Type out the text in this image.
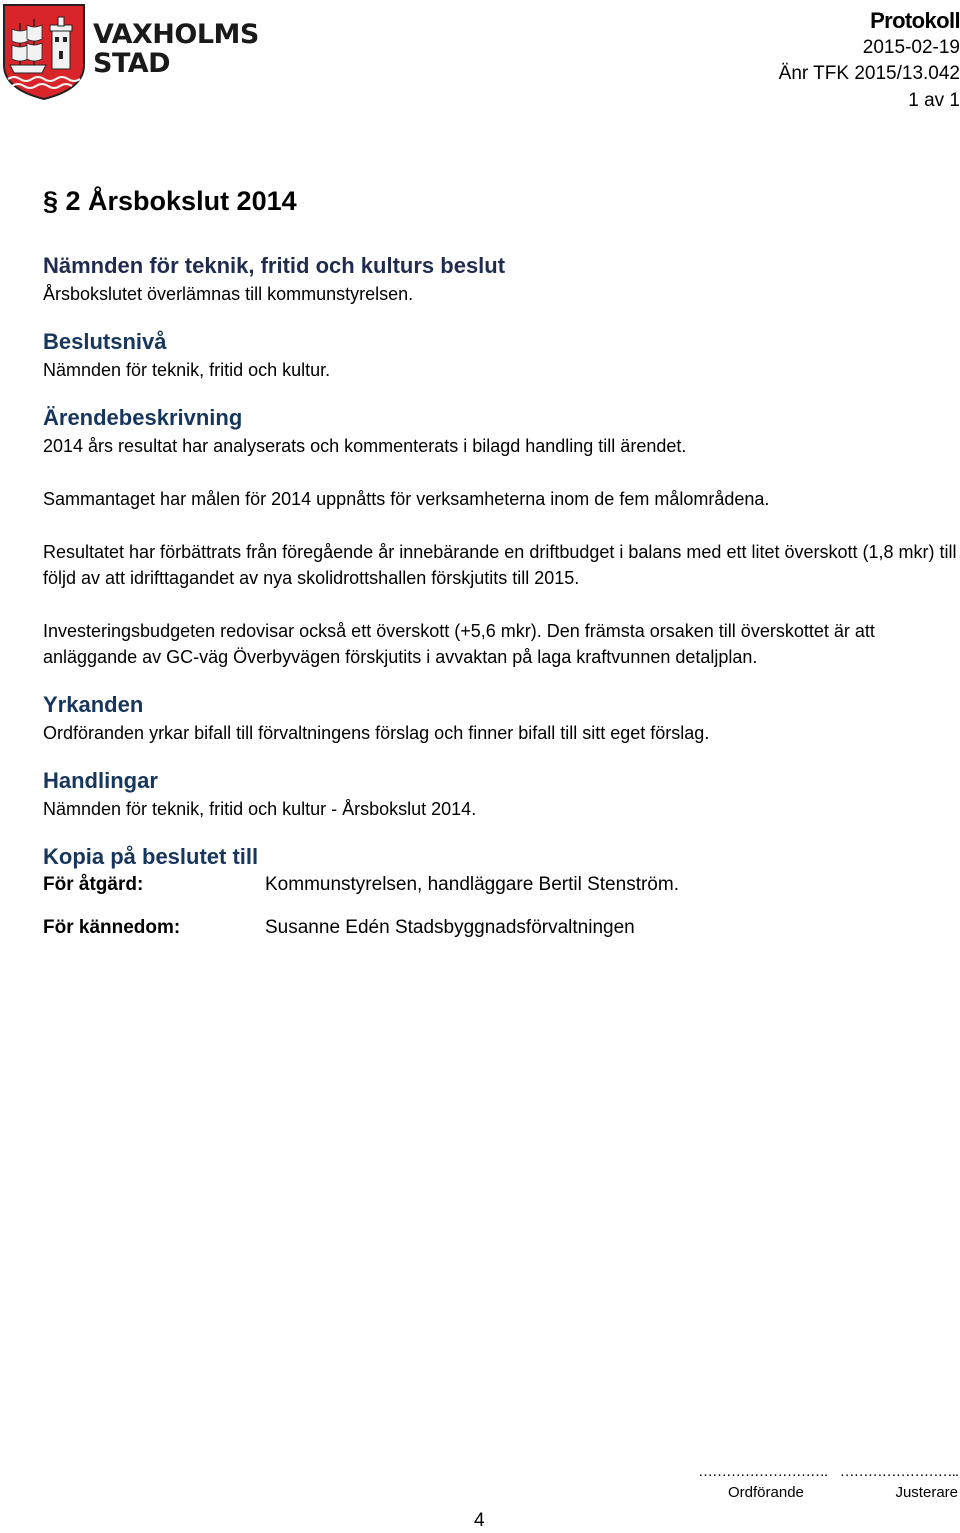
VAXHOLMS
STAD
Protokoll
2015-02-19
Änr TFK 2015/13.042
1 av 1
§ 2 Årsbokslut 2014
Nämnden för teknik, fritid och kulturs beslut

Årsbokslutet överlämnas till kommunstyrelsen.

Beslutsnivå

Nämnden för teknik, fritid och kultur.

Ärendebeskrivning

2014 års resultat har analyserats och kommenterats i bilagd handling till ärendet.

Sammantaget har målen för 2014 uppnåtts för verksamheterna inom de fem målområdena.

Resultatet har förbättrats från föregående år innebärande en driftbudget i balans med ett litet överskott (1,8 mkr) till följd av att idrifttagandet av nya skolidrottshallen förskjutits till 2015.

Investeringsbudgeten redovisar också ett överskott (+5,6 mkr). Den främsta orsaken till överskottet är att anläggande av GC-väg Överbyvägen förskjutits i avvaktan på laga kraftvunnen detaljplan.

Yrkanden

Ordföranden yrkar bifall till förvaltningens förslag och finner bifall till sitt eget förslag.

Handlingar

Nämnden för teknik, fritid och kultur - Årsbokslut 2014.

Kopia på beslutet till
För åtgärd:	Kommunstyrelsen, handläggare Bertil Stenström.
För kännedom:	Susanne Edén Stadsbyggnadsförvaltningen
………………………. ……………………..
Ordförande	Justerare
4
